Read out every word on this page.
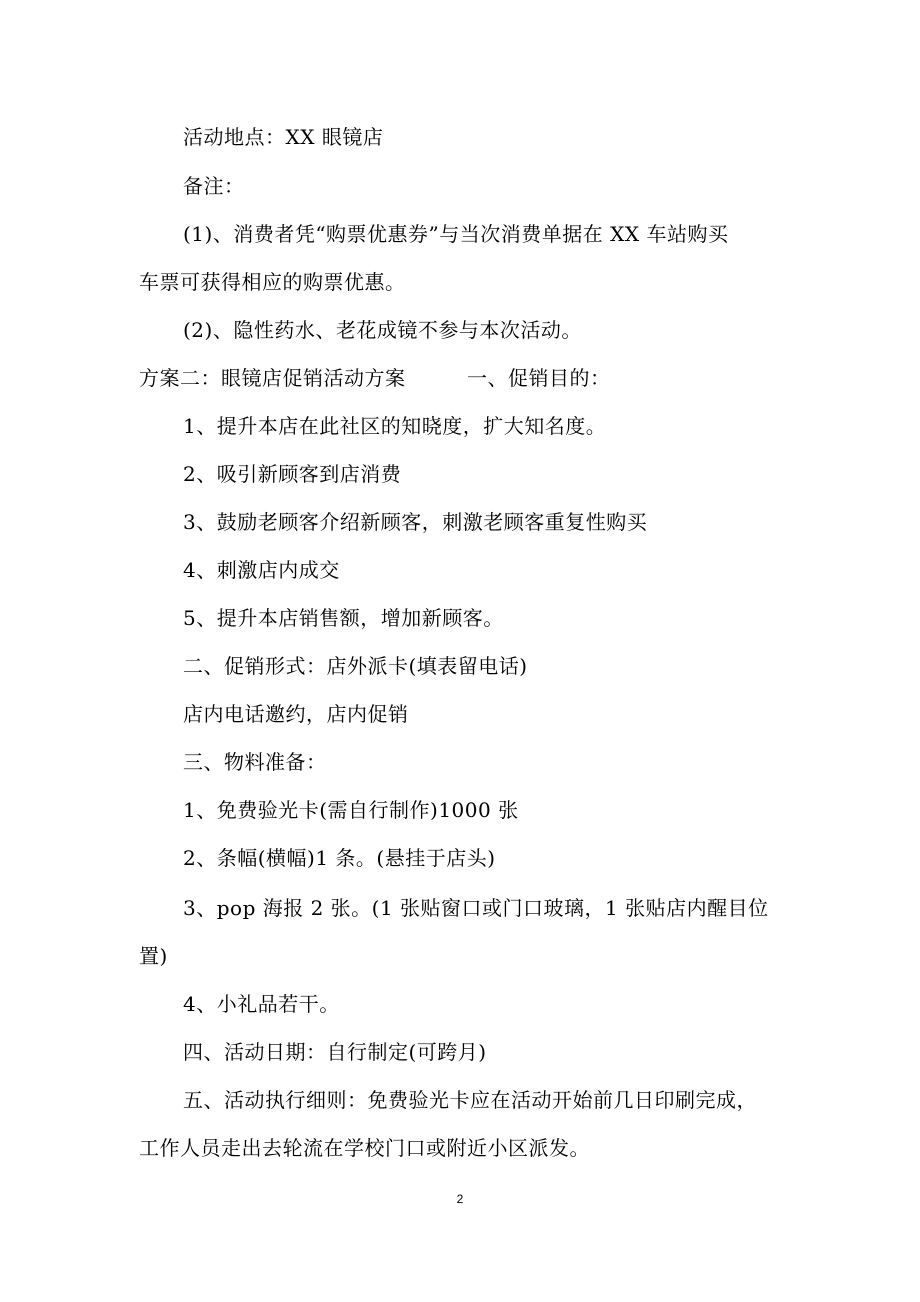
活动地点：XX 眼镜店
备注：
(1)、消费者凭“购票优惠券”与当次消费单据在 XX 车站购买
车票可获得相应的购票优惠。
(2)、隐性药水、老花成镜不参与本次活动。
方案二：眼镜店促销活动方案　　　一、促销目的：
1、提升本店在此社区的知晓度，扩大知名度。
2、吸引新顾客到店消费
3、鼓励老顾客介绍新顾客，刺激老顾客重复性购买
4、刺激店内成交
5、提升本店销售额，增加新顾客。
二、促销形式：店外派卡(填表留电话)
店内电话邀约，店内促销
三、物料准备：
1、免费验光卡(需自行制作)1000 张
2、条幅(横幅)1 条。(悬挂于店头)
3、pop 海报 2 张。(1 张贴窗口或门口玻璃，1 张贴店内醒目位
置)
4、小礼品若干。
四、活动日期：自行制定(可跨月)
五、活动执行细则：免费验光卡应在活动开始前几日印刷完成，
工作人员走出去轮流在学校门口或附近小区派发。
2
